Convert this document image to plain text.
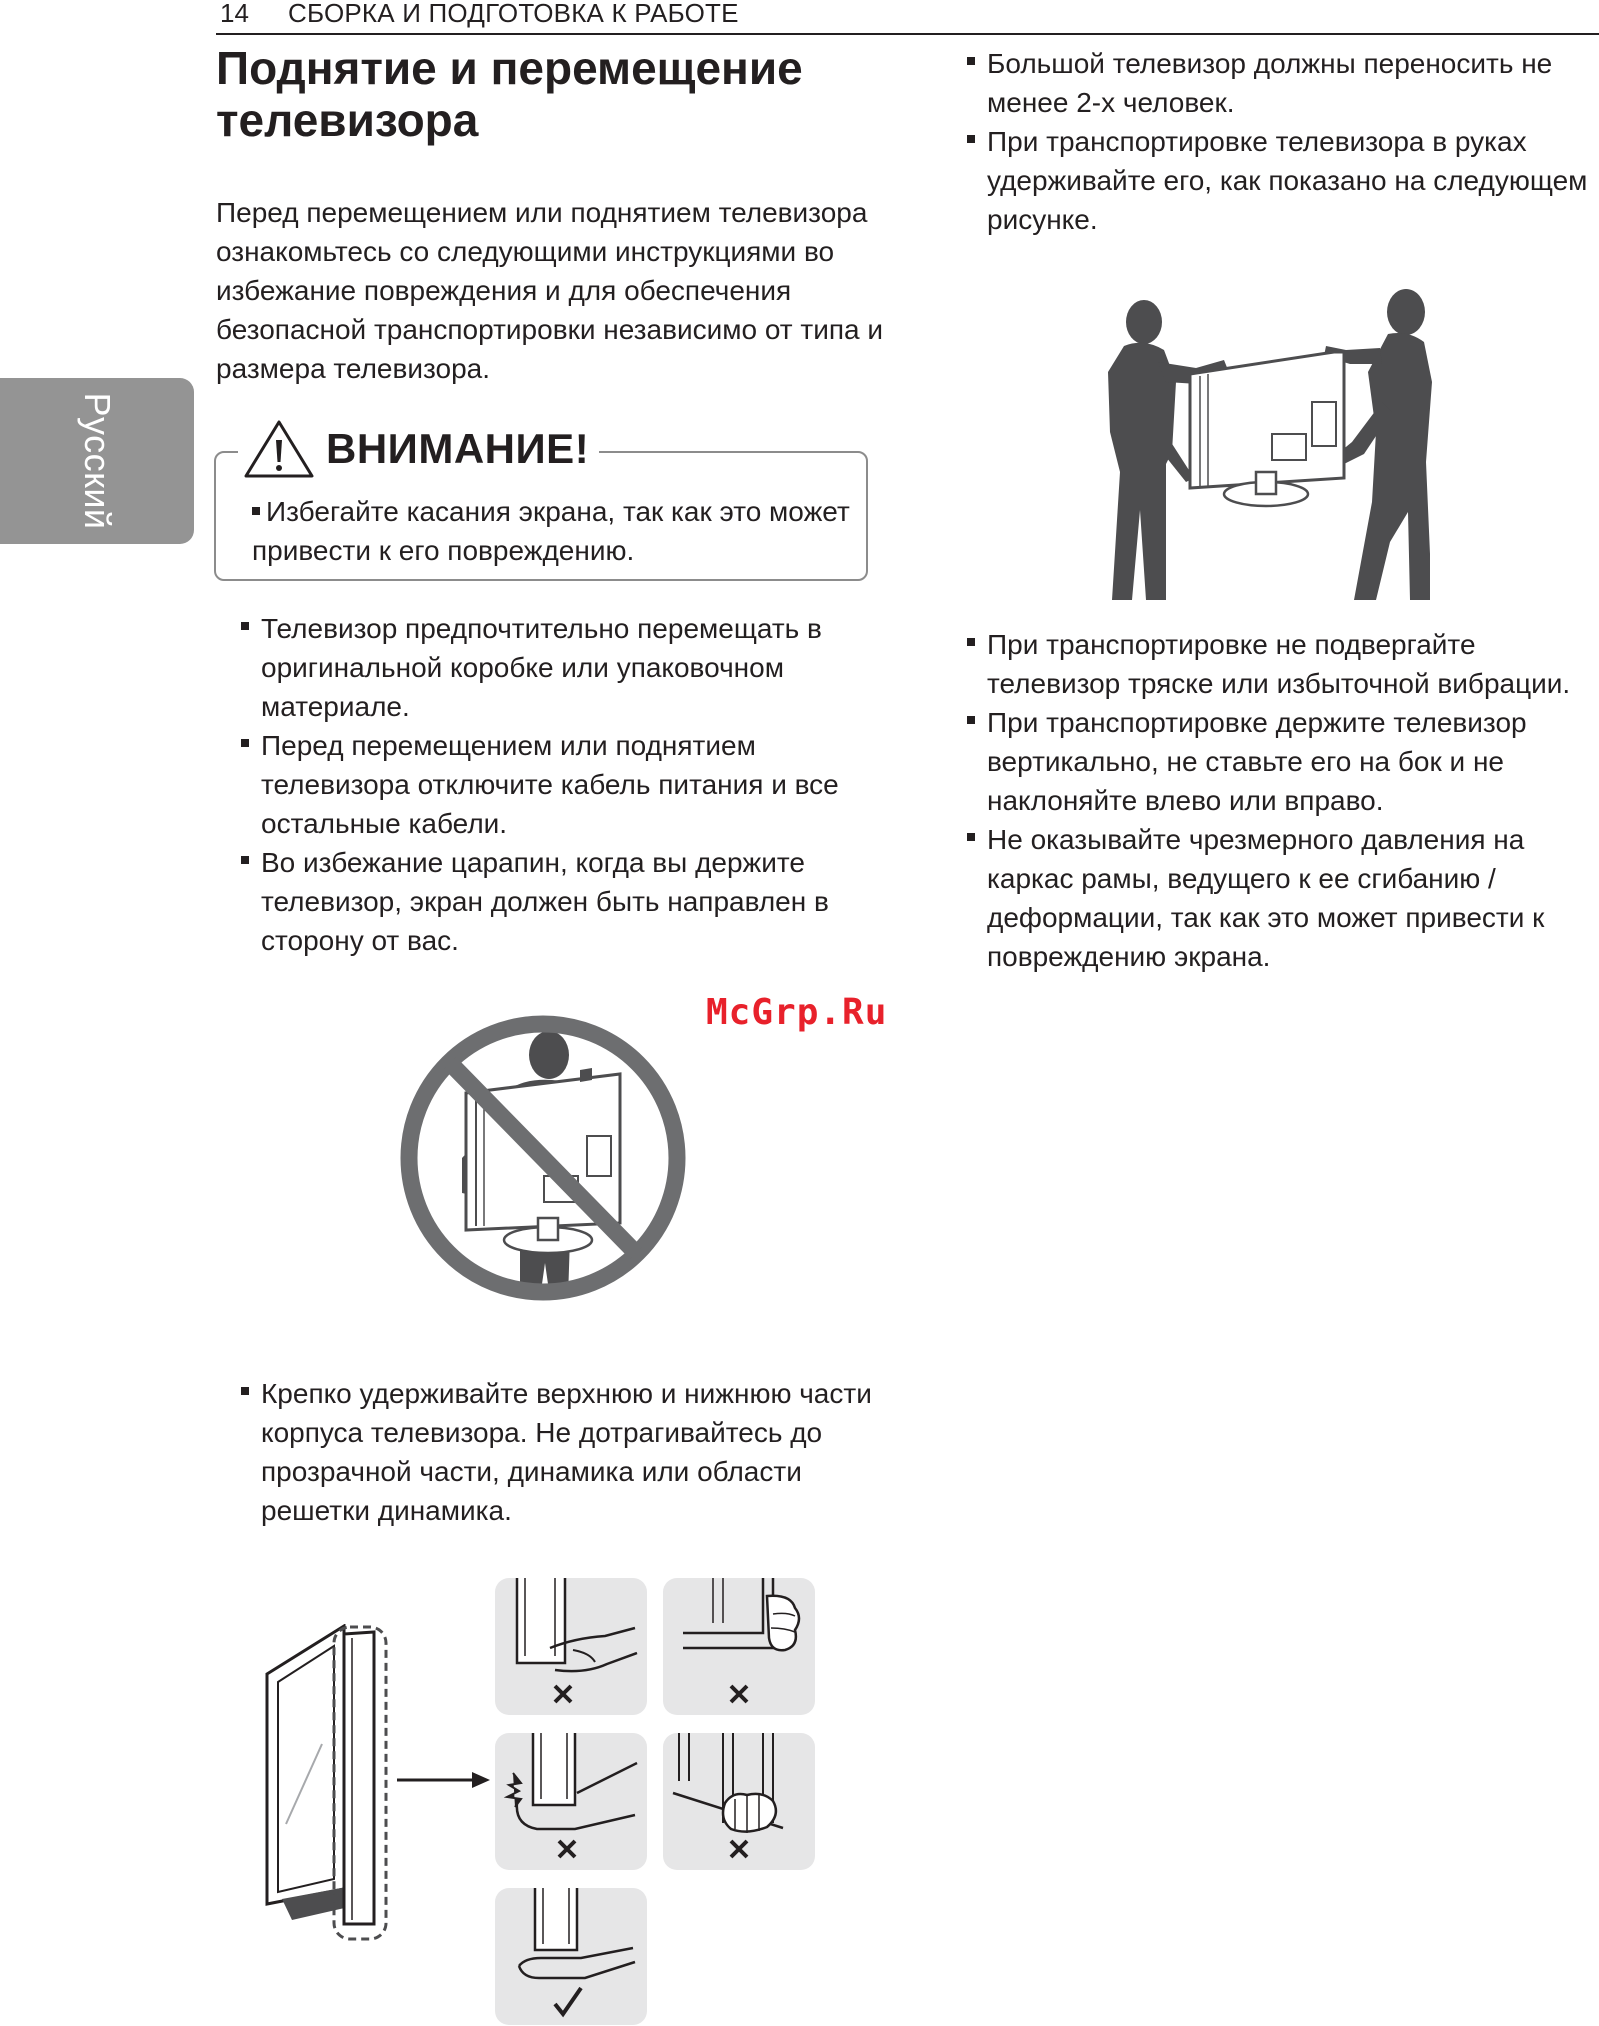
14 СБОРКА И ПОДГОТОВКА К РАБОТЕ
Русский
Поднятие и перемещение телевизора

Перед перемещением или поднятием телевизора ознакомьтесь со следующими инструкциями во избежание повреждения и для обеспечения безопасной транспортировки независимо от типа и размера телевизора.

ВНИМАНИЕ!
Избегайте касания экрана, так как это может привести к его повреждению.
Телевизор предпочтительно перемещать в оригинальной коробке или упаковочном материале.
Перед перемещением или поднятием телевизора отключите кабель питания и все остальные кабели.
Во избежание царапин, когда вы держите телевизор, экран должен быть направлен в сторону от вас.
McGrp.Ru
Крепко удерживайте верхнюю и нижнюю части корпуса телевизора. Не дотрагивайтесь до прозрачной части, динамика или области решетки динамика.
Большой телевизор должны переносить не менее 2-х человек.
При транспортировке телевизора в руках удерживайте его, как показано на следующем рисунке.
При транспортировке не подвергайте телевизор тряске или избыточной вибрации.
При транспортировке держите телевизор вертикально, не ставьте его на бок и не наклоняйте влево или вправо.
Не оказывайте чрезмерного давления на каркас рамы, ведущего к ее сгибанию / деформации, так как это может привести к повреждению экрана.
